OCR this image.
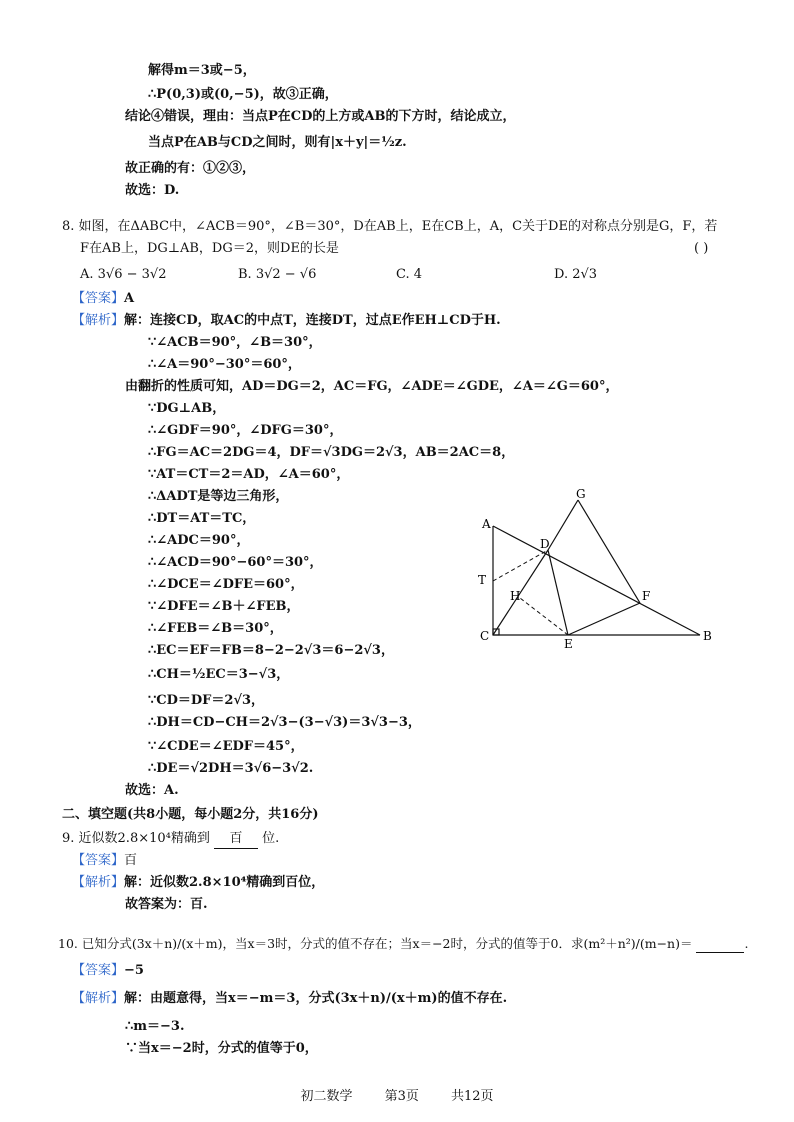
解得m＝3或−5，
∴P(0,3)或(0,−5)，故③正确，
结论④错误，理由：当点P在CD的上方或AB的下方时，结论成立，
当点P在AB与CD之间时，则有|x＋y|＝½z.
故正确的有：①②③，
故选：D.
8. 如图，在ΔABC中，∠ACB＝90°，∠B＝30°，D在AB上，E在CB上，A，C关于DE的对称点分别是G，F，若
F在AB上，DG⊥AB，DG＝2，则DE的长是	( )
A. 3√6 − 3√2	B. 3√2 − √6	C. 4	D. 2√3
【答案】A
【解析】解：连接CD，取AC的中点T，连接DT，过点E作EH⊥CD于H.
∵∠ACB＝90°，∠B＝30°，
∴∠A＝90°−30°＝60°，
由翻折的性质可知，AD＝DG＝2，AC＝FG，∠ADE＝∠GDE，∠A＝∠G＝60°，
∵DG⊥AB，
∴∠GDF＝90°，∠DFG＝30°，
∴FG＝AC＝2DG＝4，DF＝√3DG＝2√3，AB＝2AC＝8，
∵AT＝CT＝2＝AD，∠A＝60°，
∴ΔADT是等边三角形，
∴DT＝AT＝TC，
∴∠ADC＝90°，
∴∠ACD＝90°−60°＝30°，
∴∠DCE＝∠DFE＝60°，
∵∠DFE＝∠B＋∠FEB，
∴∠FEB＝∠B＝30°，
∴EC＝EF＝FB＝8−2−2√3＝6−2√3，
∴CH＝½EC＝3−√3，
∵CD＝DF＝2√3，
∴DH＝CD−CH＝2√3−(3−√3)＝3√3−3，
∵∠CDE＝∠EDF＝45°，
∴DE＝√2DH＝3√6−3√2.
故选：A.
A
B
C
D
E
F
G
H
T
二、填空题(共8小题，每小题2分，共16分)
9. 近似数2.8×10⁴精确到 百 位.
【答案】百
【解析】解：近似数2.8×10⁴精确到百位，
故答案为：百.
10. 已知分式(3x＋n)/(x＋m)，当x＝3时，分式的值不存在；当x＝−2时，分式的值等于0．求(m²＋n²)/(m−n)＝	.
【答案】−5
【解析】解：由题意得，当x＝−m＝3，分式(3x＋n)/(x＋m)的值不存在.
∴m＝−3.
∵当x＝−2时，分式的值等于0，
初二数学 第3页 共12页
